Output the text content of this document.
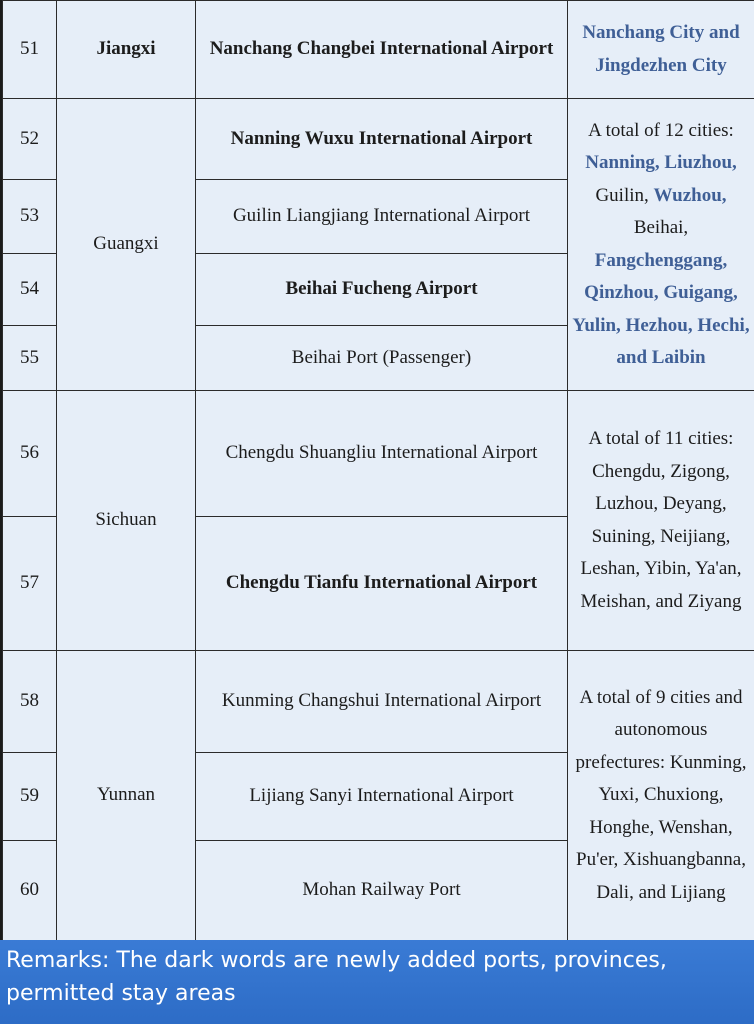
51	Jiangxi	Nanchang Changbei International Airport	Nanchang City and Jingdezhen City
52	Guangxi	Nanning Wuxu International Airport	A total of 12 cities: Nanning, Liuzhou, Guilin, Wuzhou, Beihai, Fangchenggang, Qinzhou, Guigang, Yulin, Hezhou, Hechi, and Laibin
53		Guilin Liangjiang International Airport	
54		Beihai Fucheng Airport	
55		Beihai Port (Passenger)	
56	Sichuan	Chengdu Shuangliu International Airport	A total of 11 cities: Chengdu, Zigong, Luzhou, Deyang, Suining, Neijiang, Leshan, Yibin, Ya'an, Meishan, and Ziyang
57		Chengdu Tianfu International Airport	
58	Yunnan	Kunming Changshui International Airport	A total of 9 cities and autonomous prefectures: Kunming, Yuxi, Chuxiong, Honghe, Wenshan, Pu'er, Xishuangbanna, Dali, and Lijiang
59		Lijiang Sanyi International Airport	
60		Mohan Railway Port	
Remarks: The dark words are newly added ports, provinces, permitted stay areas
